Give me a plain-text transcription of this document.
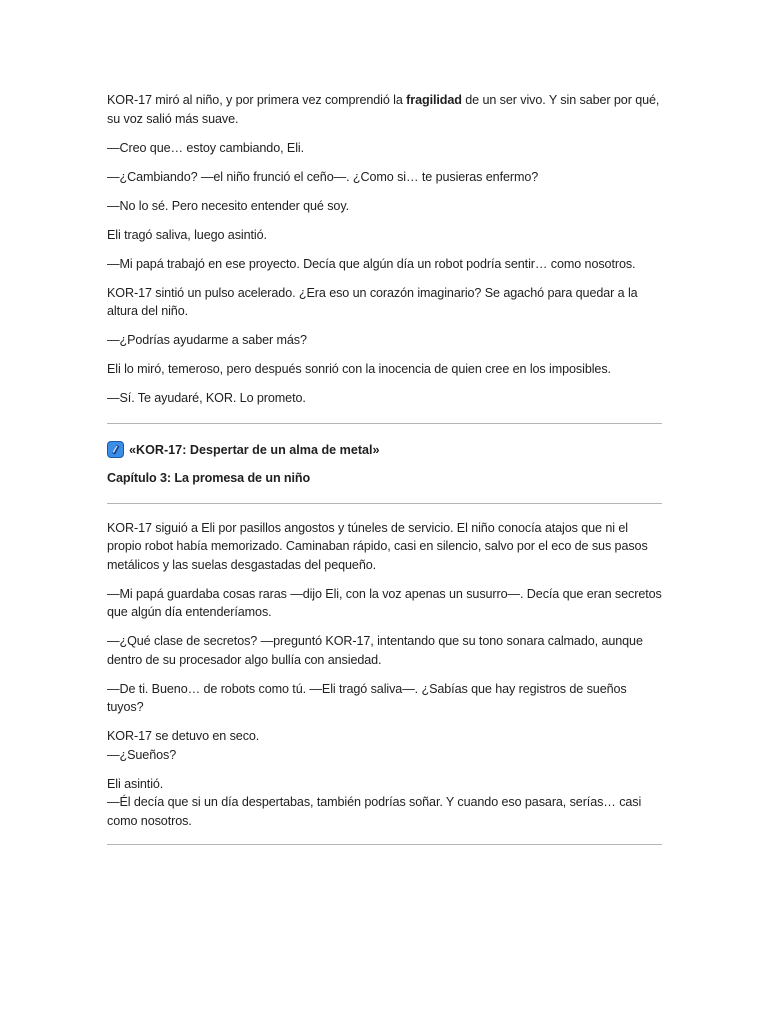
KOR-17 miró al niño, y por primera vez comprendió la fragilidad de un ser vivo. Y sin saber por qué, su voz salió más suave.

—Creo que… estoy cambiando, Eli.

—¿Cambiando? —el niño frunció el ceño—. ¿Como si… te pusieras enfermo?

—No lo sé. Pero necesito entender qué soy.

Eli tragó saliva, luego asintió.

—Mi papá trabajó en ese proyecto. Decía que algún día un robot podría sentir… como nosotros.

KOR-17 sintió un pulso acelerado. ¿Era eso un corazón imaginario? Se agachó para quedar a la altura del niño.

—¿Podrías ayudarme a saber más?

Eli lo miró, temeroso, pero después sonrió con la inocencia de quien cree en los imposibles.

—Sí. Te ayudaré, KOR. Lo prometo.

«KOR-17: Despertar de un alma de metal»

Capítulo 3: La promesa de un niño

KOR-17 siguió a Eli por pasillos angostos y túneles de servicio. El niño conocía atajos que ni el propio robot había memorizado. Caminaban rápido, casi en silencio, salvo por el eco de sus pasos metálicos y las suelas desgastadas del pequeño.

—Mi papá guardaba cosas raras —dijo Eli, con la voz apenas un susurro—. Decía que eran secretos que algún día entenderíamos.

—¿Qué clase de secretos? —preguntó KOR-17, intentando que su tono sonara calmado, aunque dentro de su procesador algo bullía con ansiedad.

—De ti. Bueno… de robots como tú. —Eli tragó saliva—. ¿Sabías que hay registros de sueños tuyos?

KOR-17 se detuvo en seco.
—¿Sueños?

Eli asintió.
—Él decía que si un día despertabas, también podrías soñar. Y cuando eso pasara, serías… casi como nosotros.
